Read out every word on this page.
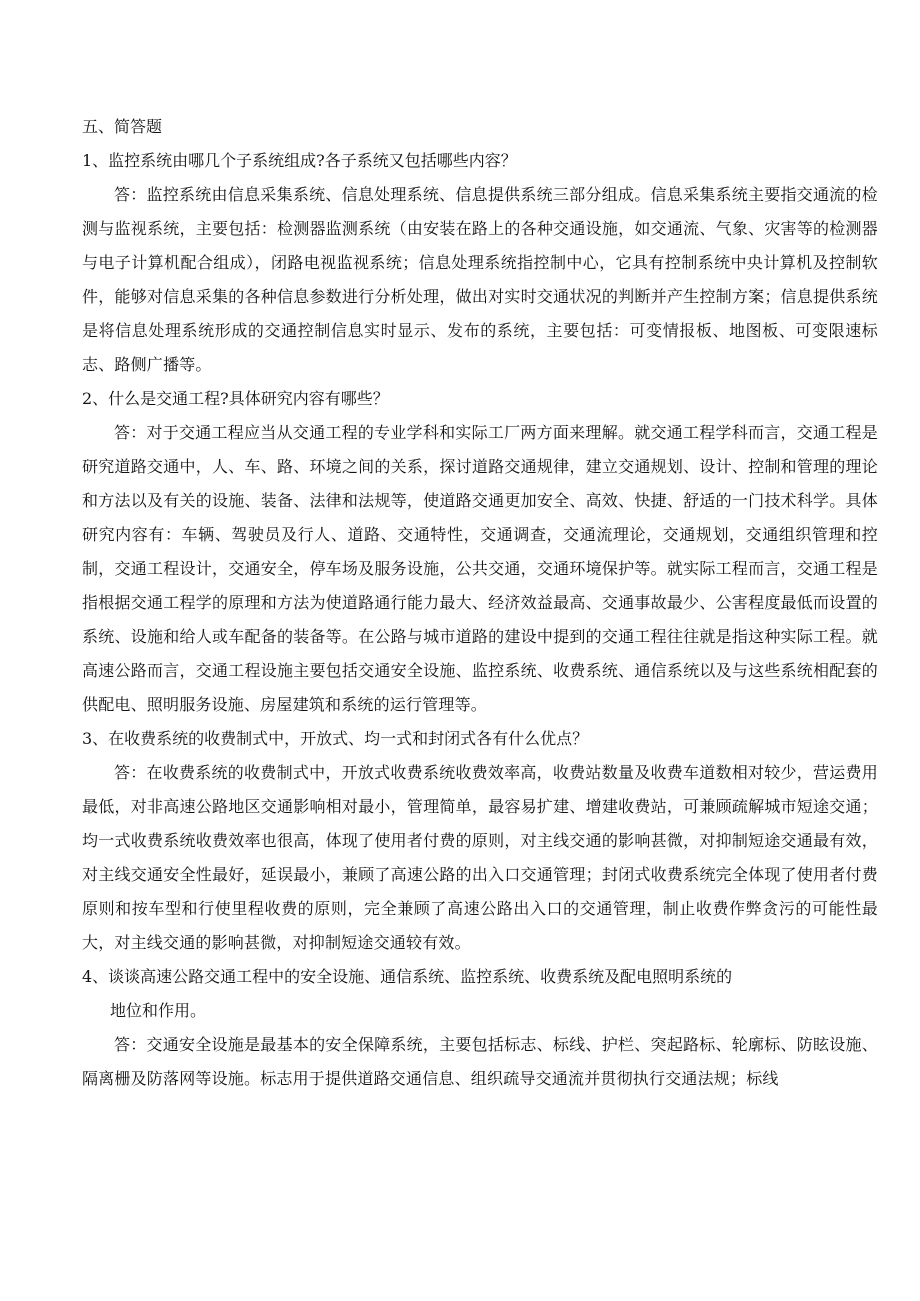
五、简答题

1、监控系统由哪几个子系统组成?各子系统又包括哪些内容？

答：监控系统由信息采集系统、信息处理系统、信息提供系统三部分组成。信息采集系统主要指交通流的检测与监视系统，主要包括：检测器监测系统（由安装在路上的各种交通设施，如交通流、气象、灾害等的检测器与电子计算机配合组成），闭路电视监视系统；信息处理系统指控制中心，它具有控制系统中央计算机及控制软件，能够对信息采集的各种信息参数进行分析处理，做出对实时交通状况的判断并产生控制方案；信息提供系统是将信息处理系统形成的交通控制信息实时显示、发布的系统，主要包括：可变情报板、地图板、可变限速标志、路侧广播等。

2、什么是交通工程?具体研究内容有哪些？

答：对于交通工程应当从交通工程的专业学科和实际工厂两方面来理解。就交通工程学科而言，交通工程是研究道路交通中，人、车、路、环境之间的关系，探讨道路交通规律，建立交通规划、设计、控制和管理的理论和方法以及有关的设施、装备、法律和法规等，使道路交通更加安全、高效、快捷、舒适的一门技术科学。具体研究内容有：车辆、驾驶员及行人、道路、交通特性，交通调查，交通流理论，交通规划，交通组织管理和控制，交通工程设计，交通安全，停车场及服务设施，公共交通，交通环境保护等。就实际工程而言，交通工程是指根据交通工程学的原理和方法为使道路通行能力最大、经济效益最高、交通事故最少、公害程度最低而设置的系统、设施和给人或车配备的装备等。在公路与城市道路的建设中提到的交通工程往往就是指这种实际工程。就高速公路而言，交通工程设施主要包括交通安全设施、监控系统、收费系统、通信系统以及与这些系统相配套的供配电、照明服务设施、房屋建筑和系统的运行管理等。

3、在收费系统的收费制式中，开放式、均一式和封闭式各有什么优点？

答：在收费系统的收费制式中，开放式收费系统收费效率高，收费站数量及收费车道数相对较少，营运费用最低，对非高速公路地区交通影响相对最小，管理简单，最容易扩建、增建收费站，可兼顾疏解城市短途交通；均一式收费系统收费效率也很高，体现了使用者付费的原则，对主线交通的影响甚微，对抑制短途交通最有效，对主线交通安全性最好，延误最小，兼顾了高速公路的出入口交通管理；封闭式收费系统完全体现了使用者付费原则和按车型和行使里程收费的原则，完全兼顾了高速公路出入口的交通管理，制止收费作弊贪污的可能性最大，对主线交通的影响甚微，对抑制短途交通较有效。

4、谈谈高速公路交通工程中的安全设施、通信系统、监控系统、收费系统及配电照明系统的

地位和作用。

答：交通安全设施是最基本的安全保障系统，主要包括标志、标线、护栏、突起路标、轮廓标、防眩设施、隔离栅及防落网等设施。标志用于提供道路交通信息、组织疏导交通流并贯彻执行交通法规；标线
